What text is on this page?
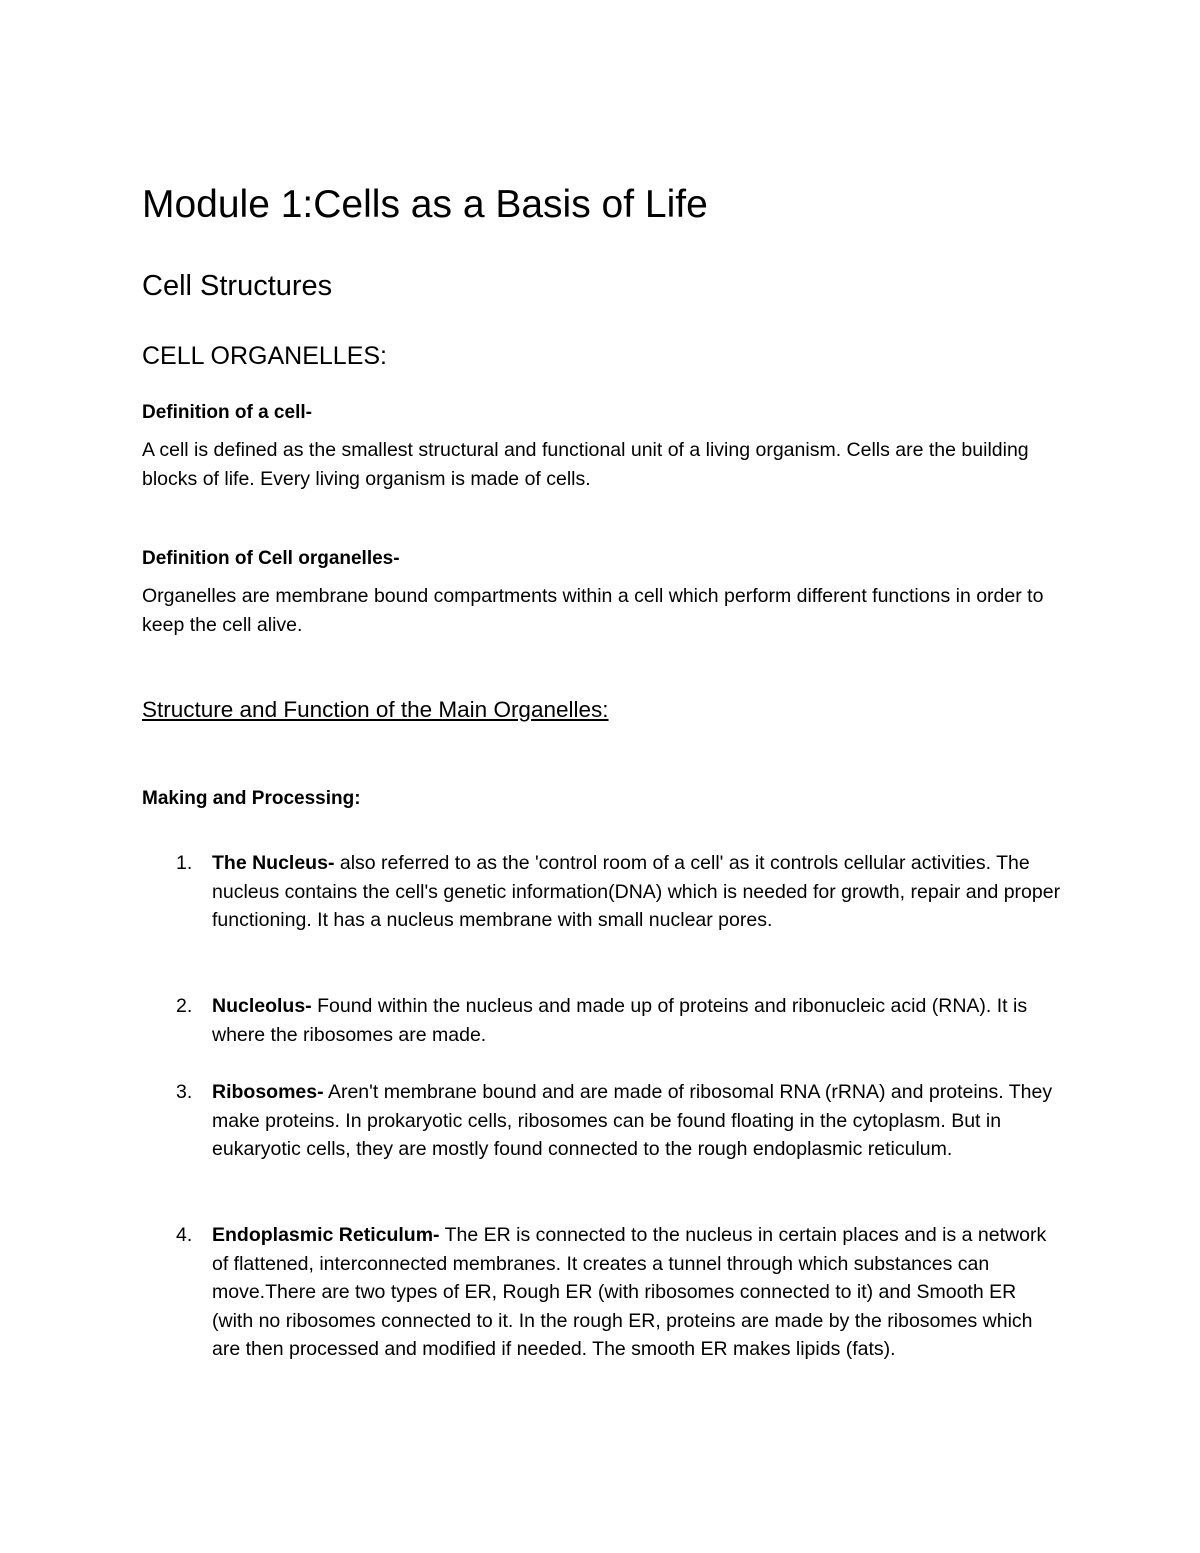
Module 1:Cells as a Basis of Life
Cell Structures
CELL ORGANELLES:
Definition of a cell-
A cell is defined as the smallest structural and functional unit of a living organism. Cells are the building blocks of life. Every living organism is made of cells.
Definition of Cell organelles-
Organelles are membrane bound compartments within a cell which perform different functions in order to keep the cell alive.
Structure and Function of the Main Organelles:
Making and Processing:
1. The Nucleus- also referred to as the 'control room of a cell' as it controls cellular activities. The nucleus contains the cell's genetic information(DNA) which is needed for growth, repair and proper functioning. It has a nucleus membrane with small nuclear pores.
2. Nucleolus- Found within the nucleus and made up of proteins and ribonucleic acid (RNA). It is where the ribosomes are made.
3. Ribosomes- Aren't membrane bound and are made of ribosomal RNA (rRNA) and proteins. They make proteins. In prokaryotic cells, ribosomes can be found floating in the cytoplasm. But in eukaryotic cells, they are mostly found connected to the rough endoplasmic reticulum.
4. Endoplasmic Reticulum- The ER is connected to the nucleus in certain places and is a network of flattened, interconnected membranes. It creates a tunnel through which substances can move.There are two types of ER, Rough ER (with ribosomes connected to it) and Smooth ER (with no ribosomes connected to it. In the rough ER, proteins are made by the ribosomes which are then processed and modified if needed. The smooth ER makes lipids (fats).
